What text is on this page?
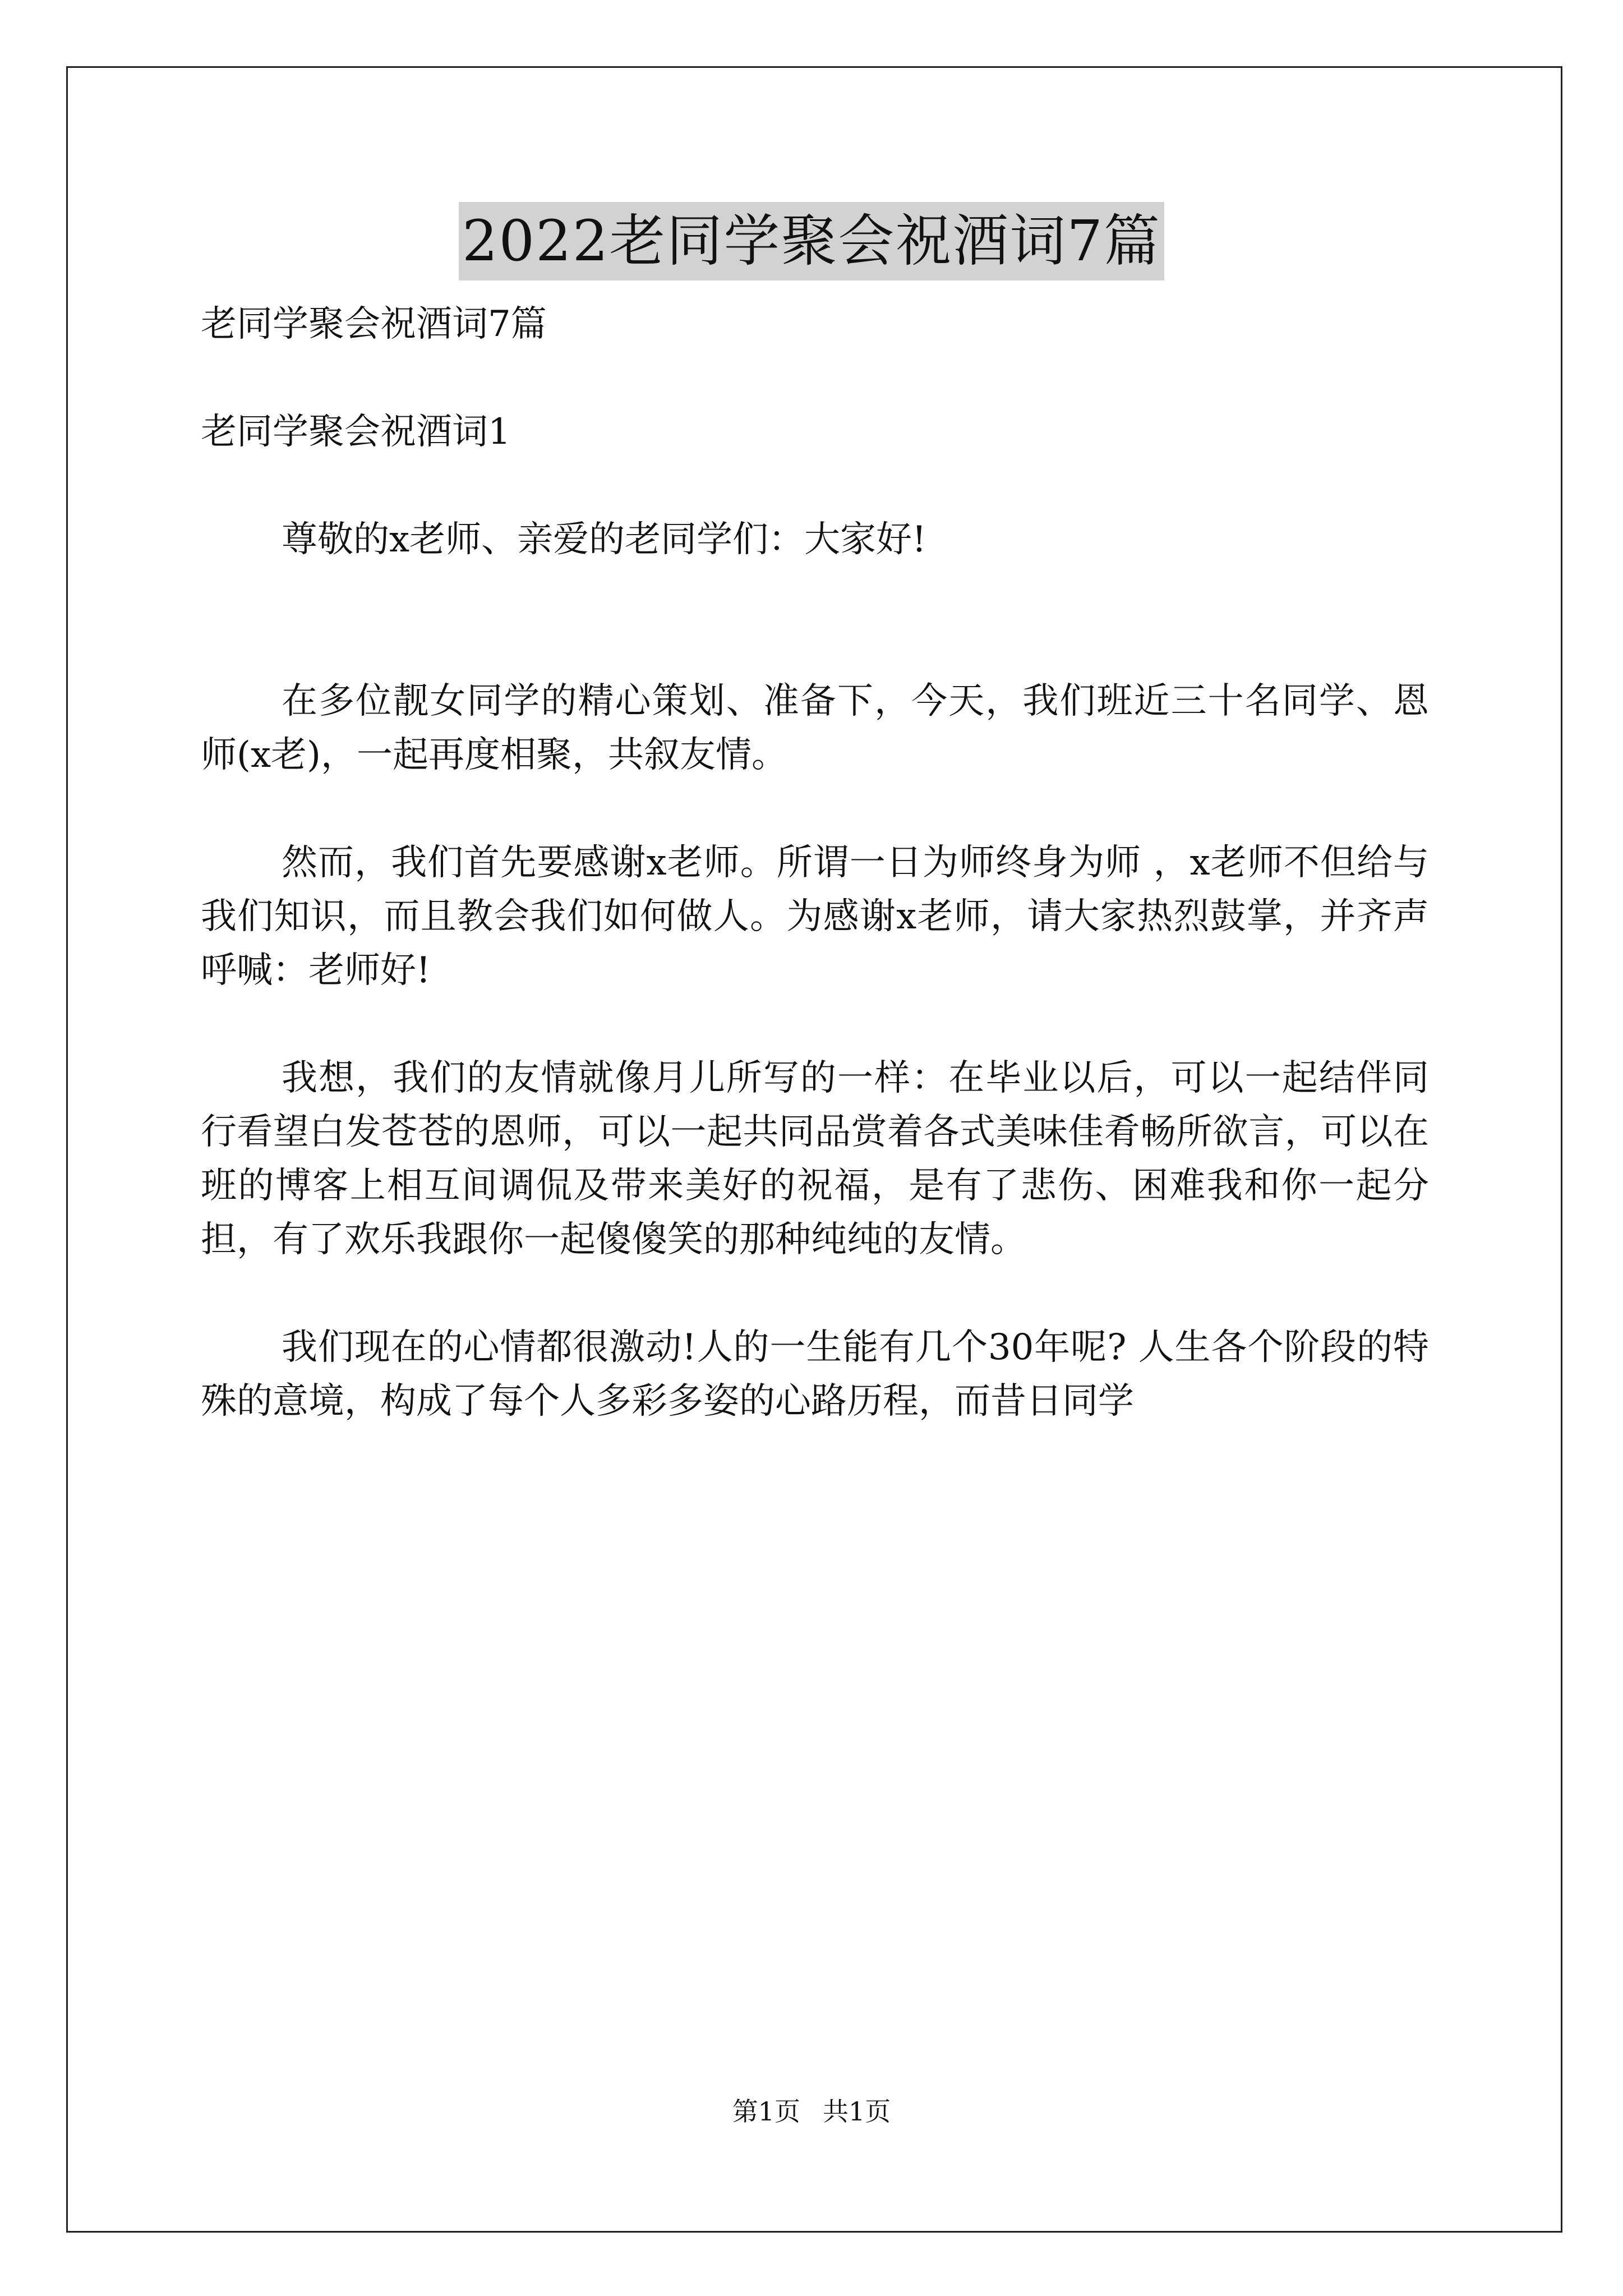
2022老同学聚会祝酒词7篇

老同学聚会祝酒词7篇

老同学聚会祝酒词1

尊敬的x老师、亲爱的老同学们：大家好!

在多位靓女同学的精心策划、准备下，今天，我们班近三十名同学、恩师(x老)，一起再度相聚，共叙友情。

然而，我们首先要感谢x老师。所谓一日为师终身为师 ，x老师不但给与我们知识，而且教会我们如何做人。为感谢x老师，请大家热烈鼓掌，并齐声呼喊：老师好!

我想，我们的友情就像月儿所写的一样：在毕业以后，可以一起结伴同行看望白发苍苍的恩师，可以一起共同品赏着各式美味佳肴畅所欲言，可以在班的博客上相互间调侃及带来美好的祝福，是有了悲伤、困难我和你一起分担，有了欢乐我跟你一起傻傻笑的那种纯纯的友情。

我们现在的心情都很激动!人的一生能有几个30年呢? 人生各个阶段的特殊的意境，构成了每个人多彩多姿的心路历程，而昔日同学

第1页 共1页
